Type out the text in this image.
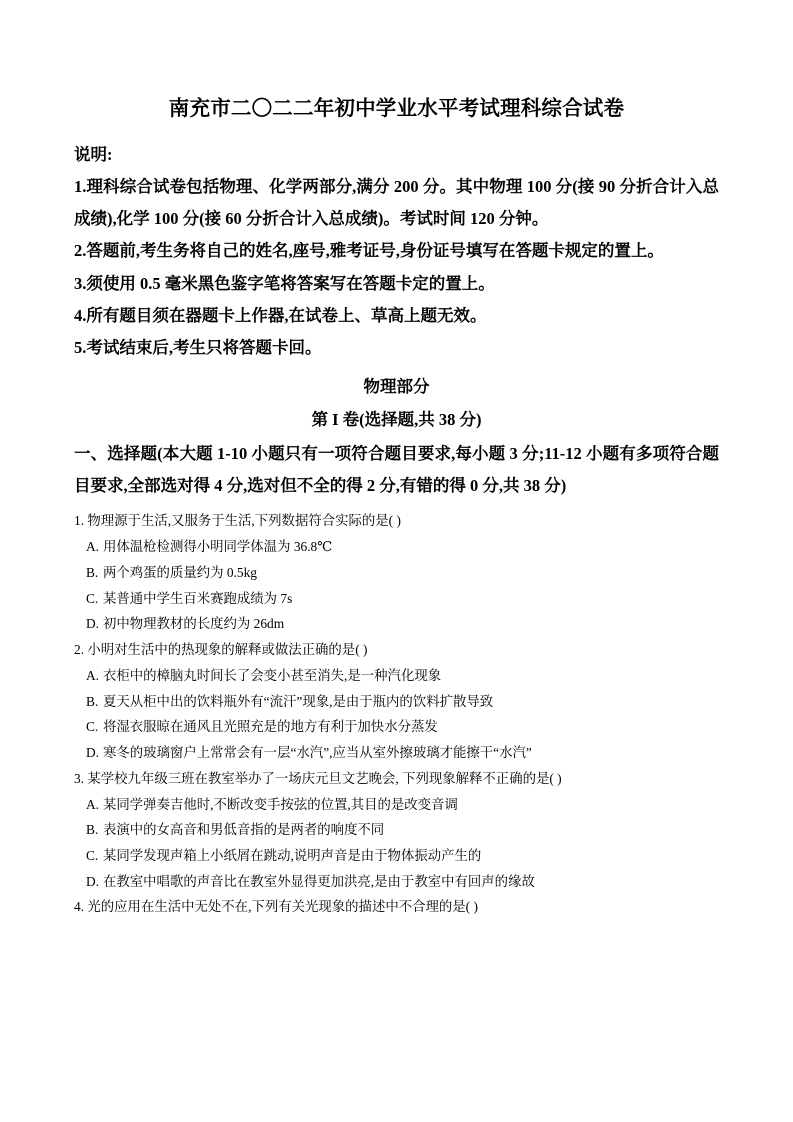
南充市二〇二二年初中学业水平考试理科综合试卷

说明:

1.理科综合试卷包括物理、化学两部分,满分 200 分。其中物理 100 分(接 90 分折合计入总成绩),化学 100 分(接 60 分折合计入总成绩)。考试时间 120 分钟。

2.答题前,考生务将自己的姓名,座号,雅考证号,身份证号填写在答题卡规定的置上。

3.须使用 0.5 毫米黑色鉴字笔将答案写在答题卡定的置上。

4.所有题目须在器题卡上作器,在试卷上、草高上题无效。

5.考试结束后,考生只将答题卡回。

物理部分

第 I 卷(选择题,共 38 分)

一、选择题(本大题 1-10 小题只有一项符合题目要求,每小题 3 分;11-12 小题有多项符合题目要求,全部选对得 4 分,选对但不全的得 2 分,有错的得 0 分,共 38 分)

1. 物理源于生活,又服务于生活,下列数据符合实际的是( )

A. 用体温枪检测得小明同学体温为 36.8℃

B. 两个鸡蛋的质量约为 0.5kg

C. 某普通中学生百米赛跑成绩为 7s

D. 初中物理教材的长度约为 26dm

2. 小明对生活中的热现象的解释或做法正确的是( )

A. 衣柜中的樟脑丸时间长了会变小甚至消失,是一种汽化现象

B. 夏天从柜中出的饮料瓶外有“流汗”现象,是由于瓶内的饮料扩散导致

C. 将湿衣服晾在通风且光照充是的地方有利于加快水分蒸发

D. 寒冬的玻璃窗户上常常会有一层“水汽”,应当从室外擦玻璃才能擦干“水汽”

3. 某学校九年级三班在教室举办了一场庆元旦文艺晚会, 下列现象解释不正确的是( )

A. 某同学弹奏吉他时,不断改变手按弦的位置,其目的是改变音调

B. 表演中的女高音和男低音指的是两者的响度不同

C. 某同学发现声箱上小纸屑在跳动,说明声音是由于物体振动产生的

D. 在教室中唱歌的声音比在教室外显得更加洪亮,是由于教室中有回声的缘故

4. 光的应用在生活中无处不在,下列有关光现象的描述中不合理的是( )
